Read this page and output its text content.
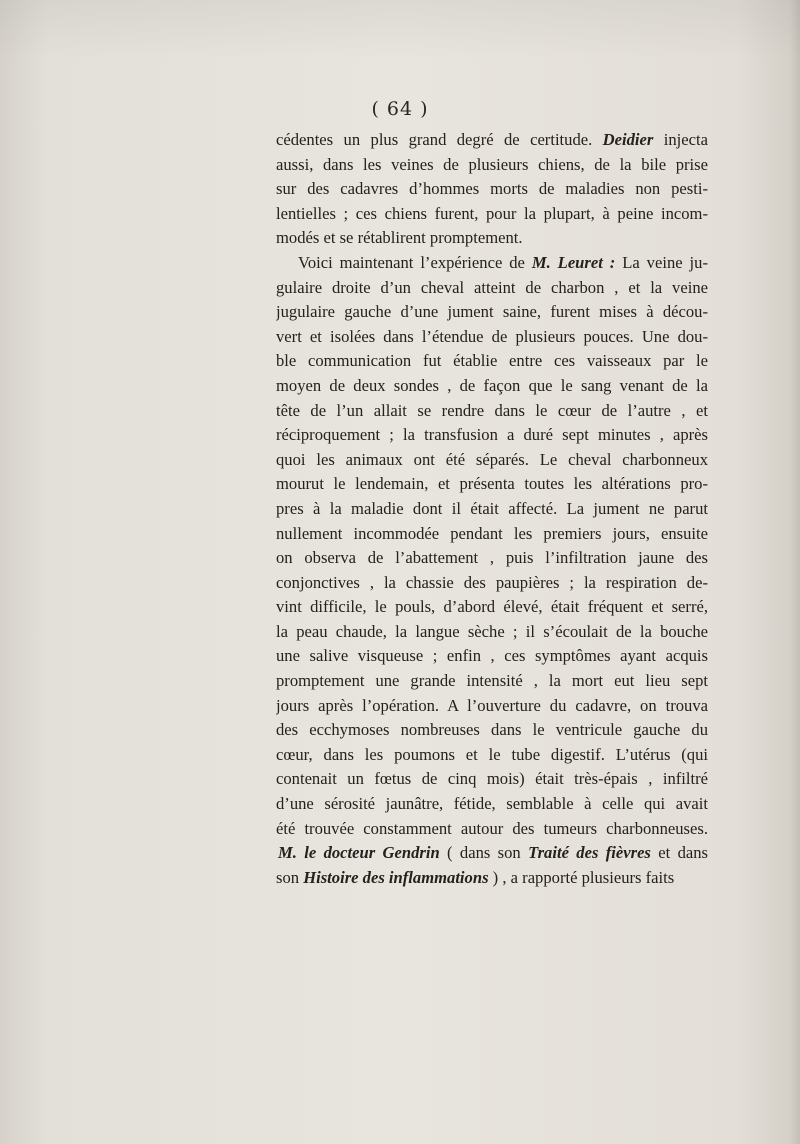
( 64 )
cédentes un plus grand degré de certitude. Deidier injecta
aussi, dans les veines de plusieurs chiens, de la bile prise
sur des cadavres d’hommes morts de maladies non pesti-
lentielles ; ces chiens furent, pour la plupart, à peine incom-
modés et se rétablirent promptement.
Voici maintenant l’expérience de M. Leuret : La veine ju-
gulaire droite d’un cheval atteint de charbon , et la veine
jugulaire gauche d’une jument saine, furent mises à décou-
vert et isolées dans l’étendue de plusieurs pouces. Une dou-
ble communication fut établie entre ces vaisseaux par le
moyen de deux sondes , de façon que le sang venant de la
tête de l’un allait se rendre dans le cœur de l’autre , et
réciproquement ; la transfusion a duré sept minutes , après
quoi les animaux ont été séparés. Le cheval charbonneux
mourut le lendemain, et présenta toutes les altérations pro-
pres à la maladie dont il était affecté. La jument ne parut
nullement incommodée pendant les premiers jours, ensuite
on observa de l’abattement , puis l’infiltration jaune des
conjonctives , la chassie des paupières ; la respiration de-
vint difficile, le pouls, d’abord élevé, était fréquent et serré,
la peau chaude, la langue sèche ; il s’écoulait de la bouche
une salive visqueuse ; enfin , ces symptômes ayant acquis
promptement une grande intensité , la mort eut lieu sept
jours après l’opération. A l’ouverture du cadavre, on trouva
des ecchymoses nombreuses dans le ventricule gauche du
cœur, dans les poumons et le tube digestif. L’utérus (qui
contenait un fœtus de cinq mois) était très-épais , infiltré
d’une sérosité jaunâtre, fétide, semblable à celle qui avait
été trouvée constamment autour des tumeurs charbonneuses.
M. le docteur Gendrin ( dans son Traité des fièvres et dans
son Histoire des inflammations ) , a rapporté plusieurs faits
